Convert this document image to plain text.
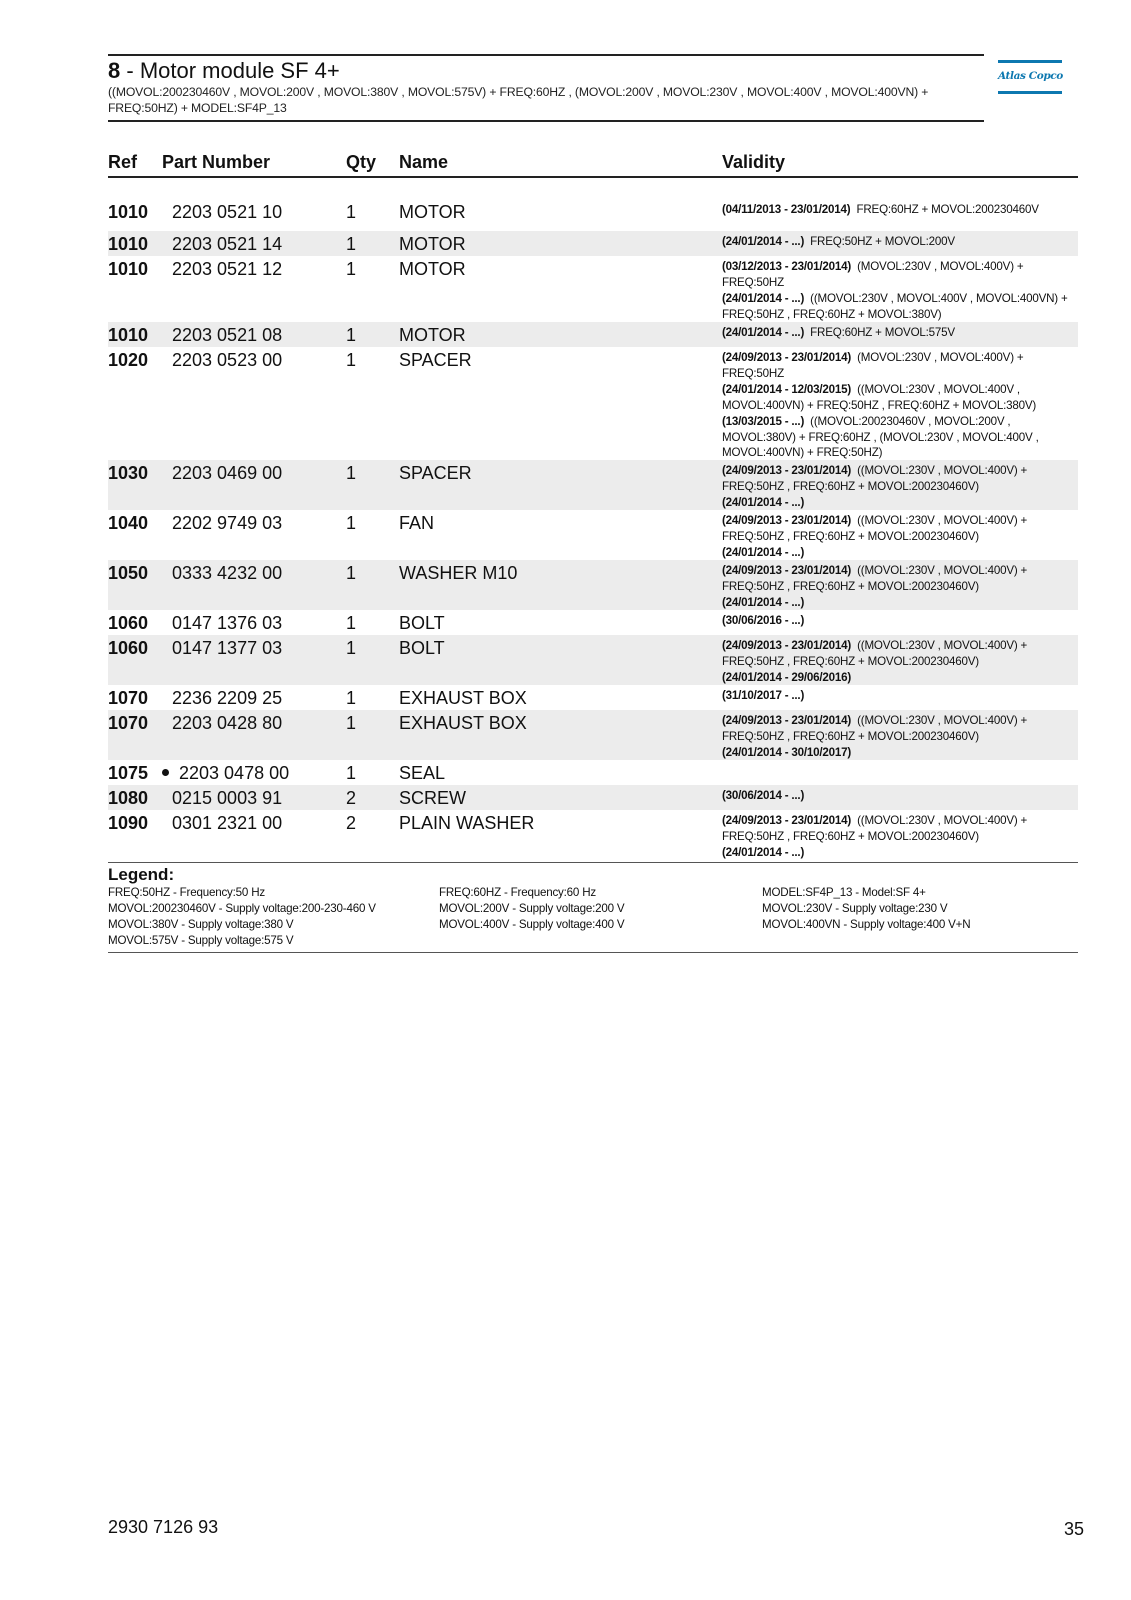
8 - Motor module SF 4+
((MOVOL:200230460V , MOVOL:200V , MOVOL:380V , MOVOL:575V) + FREQ:60HZ , (MOVOL:200V , MOVOL:230V , MOVOL:400V , MOVOL:400VN) +
FREQ:50HZ) + MODEL:SF4P_13
Atlas Copco
Ref Part Number	Qty Name	Validity
1010 2203 0521 10	1 MOTOR	(04/11/2013 - 23/01/2014)  FREQ:60HZ + MOVOL:200230460V
1010 2203 0521 14	1 MOTOR	(24/01/2014 - ...)  FREQ:50HZ + MOVOL:200V
1010 2203 0521 12	1 MOTOR	(03/12/2013 - 23/01/2014)  (MOVOL:230V , MOVOL:400V) +
FREQ:50HZ
(24/01/2014 - ...)  ((MOVOL:230V , MOVOL:400V , MOVOL:400VN) +
FREQ:50HZ , FREQ:60HZ + MOVOL:380V)
1010 2203 0521 08	1 MOTOR	(24/01/2014 - ...)  FREQ:60HZ + MOVOL:575V
1020 2203 0523 00	1 SPACER	(24/09/2013 - 23/01/2014)  (MOVOL:230V , MOVOL:400V) +
FREQ:50HZ
(24/01/2014 - 12/03/2015)  ((MOVOL:230V , MOVOL:400V ,
MOVOL:400VN) + FREQ:50HZ , FREQ:60HZ + MOVOL:380V)
(13/03/2015 - ...)  ((MOVOL:200230460V , MOVOL:200V ,
MOVOL:380V) + FREQ:60HZ , (MOVOL:230V , MOVOL:400V ,
MOVOL:400VN) + FREQ:50HZ)
1030 2203 0469 00	1 SPACER	(24/09/2013 - 23/01/2014)  ((MOVOL:230V , MOVOL:400V) +
FREQ:50HZ , FREQ:60HZ + MOVOL:200230460V)
(24/01/2014 - ...)
1040 2202 9749 03	1 FAN	(24/09/2013 - 23/01/2014)  ((MOVOL:230V , MOVOL:400V) +
FREQ:50HZ , FREQ:60HZ + MOVOL:200230460V)
(24/01/2014 - ...)
1050 0333 4232 00	1 WASHER M10	(24/09/2013 - 23/01/2014)  ((MOVOL:230V , MOVOL:400V) +
FREQ:50HZ , FREQ:60HZ + MOVOL:200230460V)
(24/01/2014 - ...)
1060 0147 1376 03	1 BOLT	(30/06/2016 - ...)
1060 0147 1377 03	1 BOLT	(24/09/2013 - 23/01/2014)  ((MOVOL:230V , MOVOL:400V) +
FREQ:50HZ , FREQ:60HZ + MOVOL:200230460V)
(24/01/2014 - 29/06/2016)
1070 2236 2209 25	1 EXHAUST BOX	(31/10/2017 - ...)
1070 2203 0428 80	1 EXHAUST BOX	(24/09/2013 - 23/01/2014)  ((MOVOL:230V , MOVOL:400V) +
FREQ:50HZ , FREQ:60HZ + MOVOL:200230460V)
(24/01/2014 - 30/10/2017)
1075	2203 0478 00	1 SEAL
1080 0215 0003 91	2 SCREW	(30/06/2014 - ...)
1090 0301 2321 00	2 PLAIN WASHER	(24/09/2013 - 23/01/2014)  ((MOVOL:230V , MOVOL:400V) +
FREQ:50HZ , FREQ:60HZ + MOVOL:200230460V)
(24/01/2014 - ...)
Legend:
FREQ:50HZ - Frequency:50 Hz
MOVOL:200230460V - Supply voltage:200-230-460 V
MOVOL:380V - Supply voltage:380 V
MOVOL:575V - Supply voltage:575 V
FREQ:60HZ - Frequency:60 Hz
MOVOL:200V - Supply voltage:200 V
MOVOL:400V - Supply voltage:400 V
MODEL:SF4P_13 - Model:SF 4+
MOVOL:230V - Supply voltage:230 V
MOVOL:400VN - Supply voltage:400 V+N
2930 7126 93	35
